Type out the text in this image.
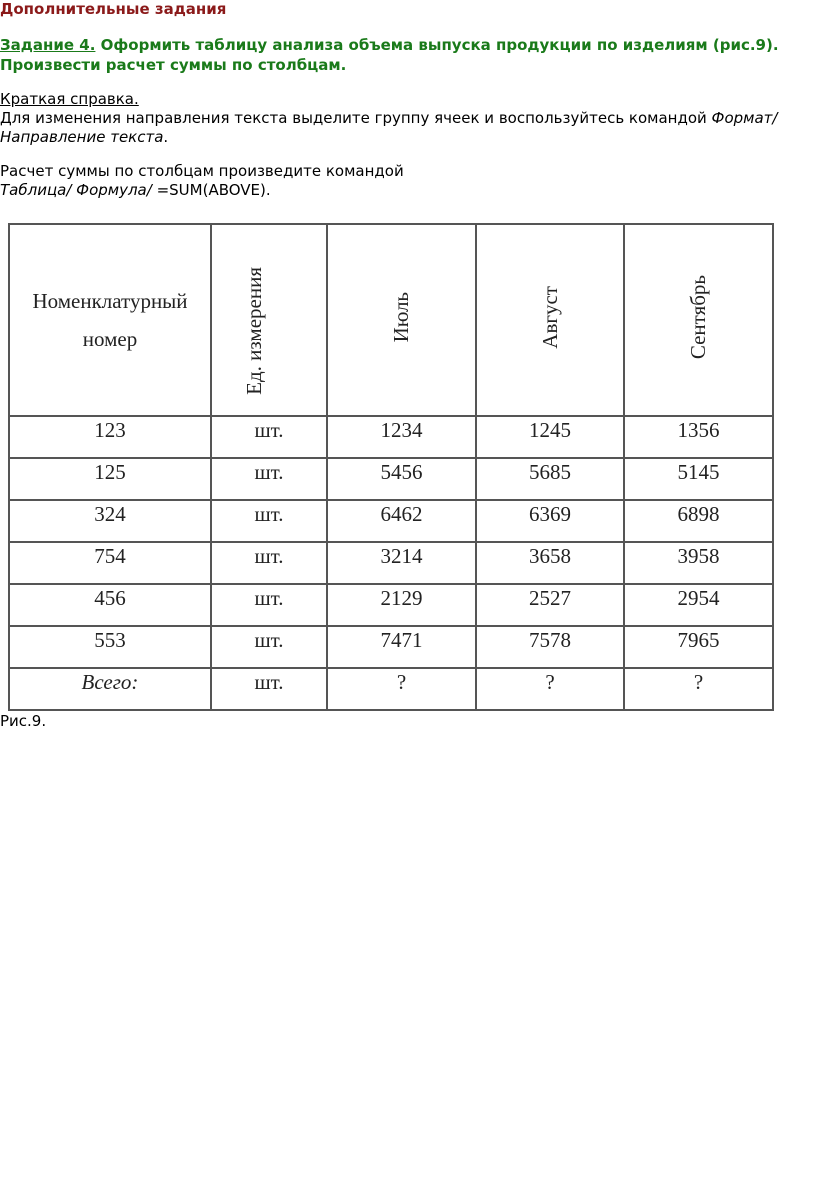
Дополнительные задания
Задание 4. Оформить таблицу анализа объема выпуска продукции по изделиям (рис.9). Произвести расчет суммы по столбцам.
Краткая справка.
Для изменения направления текста выделите группу ячеек и воспользуйтесь командой Формат/ Направление текста.
Расчет суммы по столбцам произведите командой
Таблица/ Формула/ =SUM(ABOVE).
Номенклатурный номер	Ед. измерения	Июль	Август	Сентябрь
123	шт.	1234	1245	1356
125	шт.	5456	5685	5145
324	шт.	6462	6369	6898
754	шт.	3214	3658	3958
456	шт.	2129	2527	2954
553	шт.	7471	7578	7965
Всего:	шт.	?	?	?
Рис.9.
